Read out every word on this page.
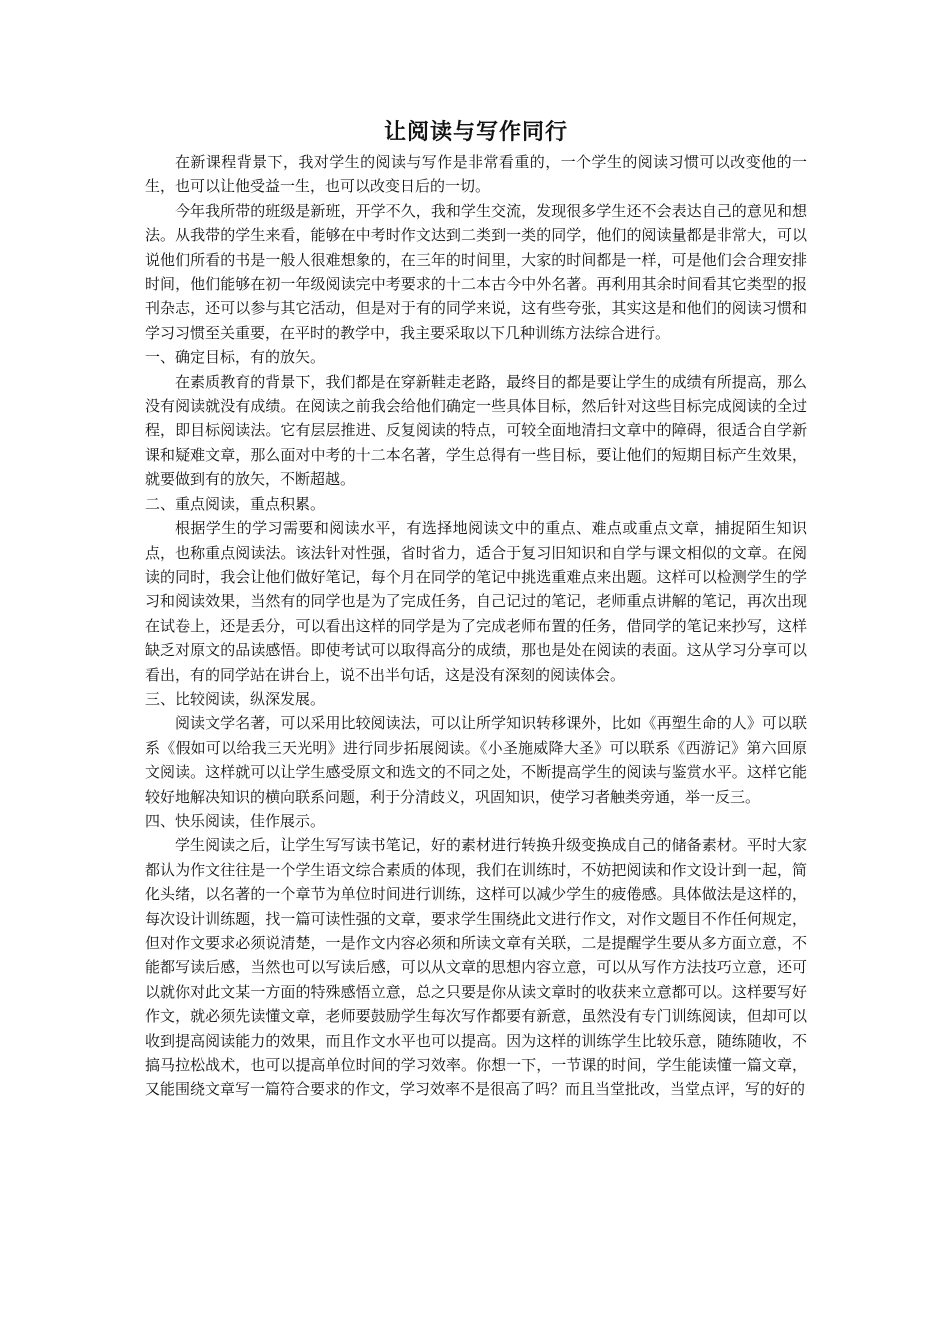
让阅读与写作同行

在新课程背景下，我对学生的阅读与写作是非常看重的，一个学生的阅读习惯可以改变他的一生，也可以让他受益一生，也可以改变日后的一切。

今年我所带的班级是新班，开学不久，我和学生交流，发现很多学生还不会表达自己的意见和想法。从我带的学生来看，能够在中考时作文达到二类到一类的同学，他们的阅读量都是非常大，可以说他们所看的书是一般人很难想象的，在三年的时间里，大家的时间都是一样，可是他们会合理安排时间，他们能够在初一年级阅读完中考要求的十二本古今中外名著。再利用其余时间看其它类型的报刊杂志，还可以参与其它活动，但是对于有的同学来说，这有些夸张，其实这是和他们的阅读习惯和学习习惯至关重要，在平时的教学中，我主要采取以下几种训练方法综合进行。

一、确定目标，有的放矢。

在素质教育的背景下，我们都是在穿新鞋走老路，最终目的都是要让学生的成绩有所提高，那么没有阅读就没有成绩。在阅读之前我会给他们确定一些具体目标，然后针对这些目标完成阅读的全过程，即目标阅读法。它有层层推进、反复阅读的特点，可较全面地清扫文章中的障碍，很适合自学新课和疑难文章，那么面对中考的十二本名著，学生总得有一些目标，要让他们的短期目标产生效果，就要做到有的放矢，不断超越。

二、重点阅读，重点积累。

根据学生的学习需要和阅读水平，有选择地阅读文中的重点、难点或重点文章，捕捉陌生知识点，也称重点阅读法。该法针对性强，省时省力，适合于复习旧知识和自学与课文相似的文章。在阅读的同时，我会让他们做好笔记，每个月在同学的笔记中挑选重难点来出题。这样可以检测学生的学习和阅读效果，当然有的同学也是为了完成任务，自己记过的笔记，老师重点讲解的笔记，再次出现在试卷上，还是丢分，可以看出这样的同学是为了完成老师布置的任务，借同学的笔记来抄写，这样缺乏对原文的品读感悟。即使考试可以取得高分的成绩，那也是处在阅读的表面。这从学习分享可以看出，有的同学站在讲台上，说不出半句话，这是没有深刻的阅读体会。

三、比较阅读，纵深发展。

阅读文学名著，可以采用比较阅读法，可以让所学知识转移课外，比如《再塑生命的人》可以联系《假如可以给我三天光明》进行同步拓展阅读。《小圣施威降大圣》可以联系《西游记》第六回原文阅读。这样就可以让学生感受原文和选文的不同之处，不断提高学生的阅读与鉴赏水平。这样它能较好地解决知识的横向联系问题，利于分清歧义，巩固知识，使学习者触类旁通，举一反三。

四、快乐阅读，佳作展示。

学生阅读之后，让学生写写读书笔记，好的素材进行转换升级变换成自己的储备素材。平时大家都认为作文往往是一个学生语文综合素质的体现，我们在训练时，不妨把阅读和作文设计到一起，简化头绪，以名著的一个章节为单位时间进行训练，这样可以减少学生的疲倦感。具体做法是这样的，每次设计训练题，找一篇可读性强的文章，要求学生围绕此文进行作文，对作文题目不作任何规定，但对作文要求必须说清楚，一是作文内容必须和所读文章有关联，二是提醒学生要从多方面立意，不能都写读后感，当然也可以写读后感，可以从文章的思想内容立意，可以从写作方法技巧立意，还可以就你对此文某一方面的特殊感悟立意，总之只要是你从读文章时的收获来立意都可以。这样要写好作文，就必须先读懂文章，老师要鼓励学生每次写作都要有新意，虽然没有专门训练阅读，但却可以收到提高阅读能力的效果，而且作文水平也可以提高。因为这样的训练学生比较乐意，随练随收，不搞马拉松战术，也可以提高单位时间的学习效率。你想一下，一节课的时间，学生能读懂一篇文章，又能围绕文章写一篇符合要求的作文，学习效率不是很高了吗？而且当堂批改，当堂点评，写的好的
